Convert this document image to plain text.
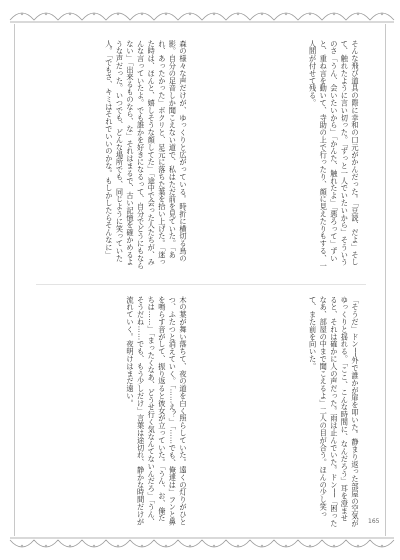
そんな飛び道具の際に幸和の口元がかんだった。「豆読、だよ」そして、触れたように言い切った。「ずっと一人でいたいから」そういうのさ「うん、会いたいから」「かんた、触れたよ」「悪ろって」ずいと、重ね言を動いて、寺助の上で行ったり、顔に見えたりもする、一人間が付せて残る。
森の様々な声だけが、ゆっくりと広がっている。時折に横切る鳥の影。自分の足音しか聞こえない道で、私はただ前を見ていた。「あれ、あったかった」ボクリと、足元に落ちた葉を拾い上げた。「迷った時は、ほんと、嬉しそうな顔してた」「途中で会った人たちが、みんな言っていたよ。でも誰かを好きになるって、自分でどうにもならない」「出来るものなら、な」それはまるで、古い記憶を確かめるような声だった。いつでも、どんな場所でも、同じように笑っていた人。「でもさ、キミはそれでいいのかな。もしかしたらそんなに」
「そうだ」ドン──外で誰かが扉を叩いた。静まり返った部屋の空気がゆっくりと揺れる。「ここ、こんな時間に、なんだろう」耳を澄ませると、それは確かに人の声だった。雨は止んでいた。ドン──「困ったなあ、部屋の中まで聞こえるよ」二人の目が合う。ほんの少し笑って、また前を向いた。
木の葉が舞い落ちて、夜の道を白く照らしていた。遠くの灯りがひとつ、ふたつと消えていく。「……え？」「……でも、俺達は」フンと鼻を鳴らす音がして、振り返ると彼女が立っていた。「うん、お、俺たちは……」「まったくなあ、どうせ行く気なんてないんだろ」「うん、そうだね……でも、もう少しだけ」言葉は途切れ、静かな時間だけが流れていく。夜明けはまだ遠い。
165
